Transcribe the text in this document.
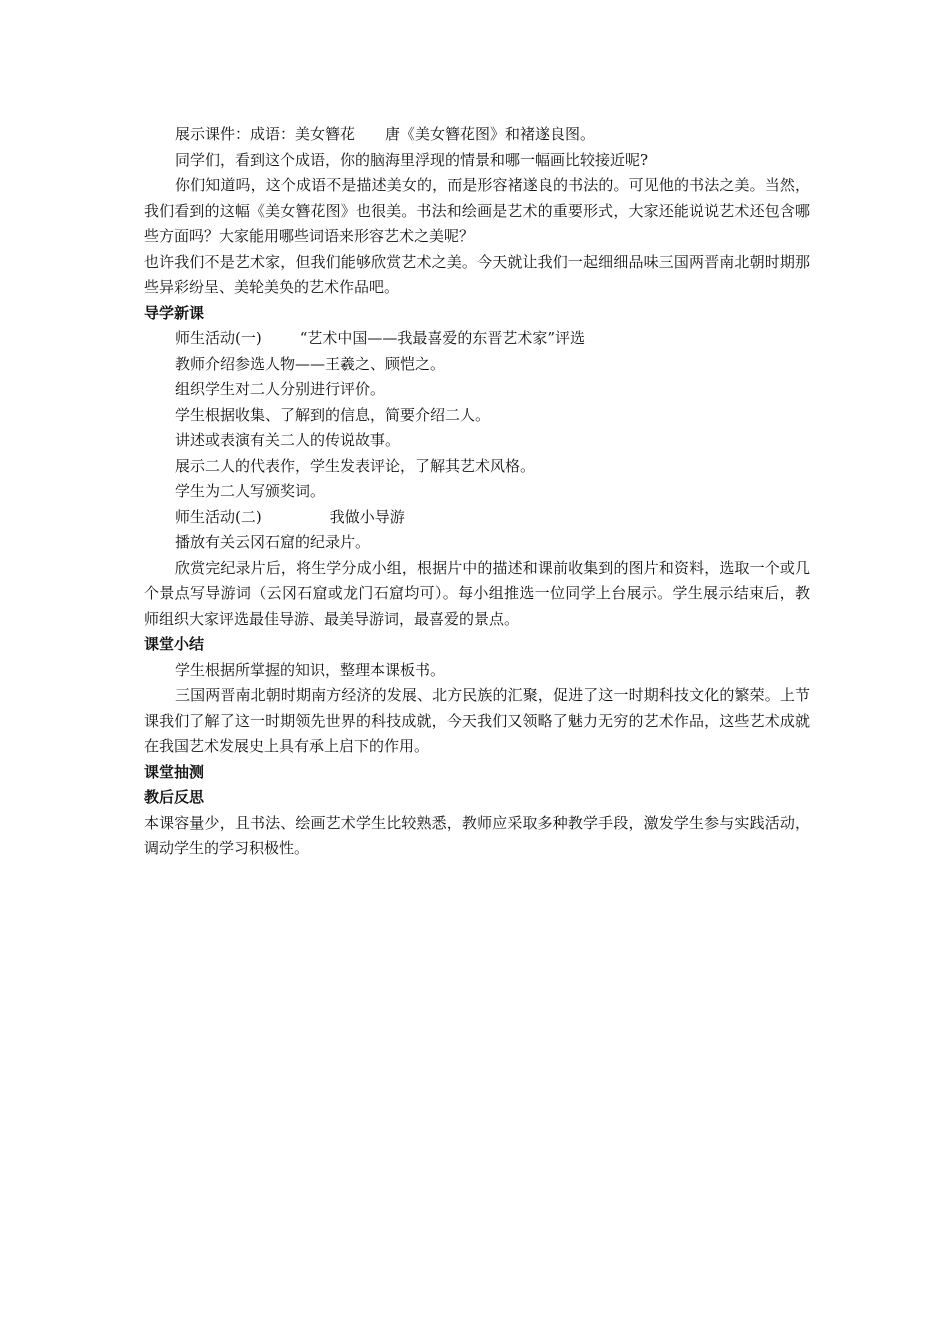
展示课件：成语：美女簪花　　唐《美女簪花图》和褚遂良图。

同学们，看到这个成语，你的脑海里浮现的情景和哪一幅画比较接近呢?

你们知道吗，这个成语不是描述美女的，而是形容褚遂良的书法的。可见他的书法之美。当然，我们看到的这幅《美女簪花图》也很美。书法和绘画是艺术的重要形式，大家还能说说艺术还包含哪些方面吗？大家能用哪些词语来形容艺术之美呢？

也许我们不是艺术家，但我们能够欣赏艺术之美。今天就让我们一起细细品味三国两晋南北朝时期那些异彩纷呈、美轮美奂的艺术作品吧。

导学新课

师生活动(一)	“艺术中国——我最喜爱的东晋艺术家”评选

教师介绍参选人物——王羲之、顾恺之。

组织学生对二人分别进行评价。

学生根据收集、了解到的信息，简要介绍二人。

讲述或表演有关二人的传说故事。

展示二人的代表作，学生发表评论，了解其艺术风格。

学生为二人写颁奖词。

师生活动(二)	我做小导游

播放有关云冈石窟的纪录片。

欣赏完纪录片后，将生学分成小组，根据片中的描述和课前收集到的图片和资料，选取一个或几个景点写导游词（云冈石窟或龙门石窟均可）。每小组推选一位同学上台展示。学生展示结束后，教师组织大家评选最佳导游、最美导游词，最喜爱的景点。

课堂小结

学生根据所掌握的知识，整理本课板书。

三国两晋南北朝时期南方经济的发展、北方民族的汇聚，促进了这一时期科技文化的繁荣。上节课我们了解了这一时期领先世界的科技成就，今天我们又领略了魅力无穷的艺术作品，这些艺术成就在我国艺术发展史上具有承上启下的作用。

课堂抽测

教后反思

本课容量少，且书法、绘画艺术学生比较熟悉，教师应采取多种教学手段，激发学生参与实践活动，调动学生的学习积极性。
